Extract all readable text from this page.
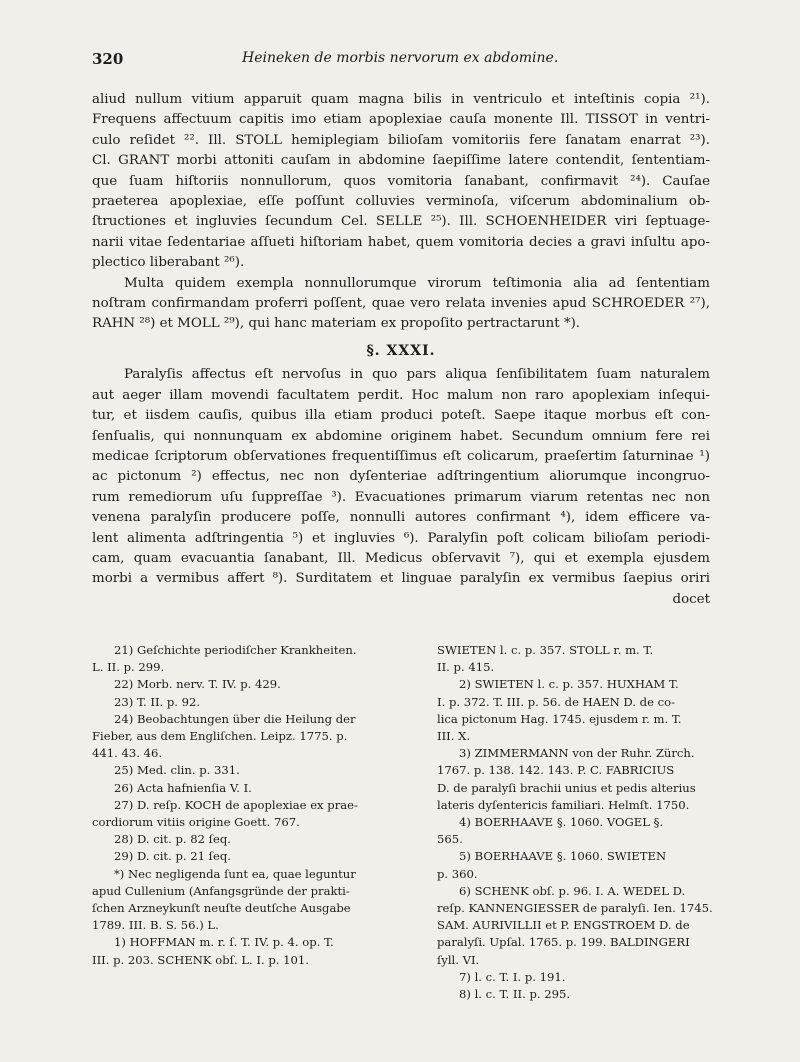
320	Heineken de morbis nervorum ex abdomine.
aliud nullum vitium apparuit quam magna bilis in ventriculo et inteſtinis copia ²¹).
Frequens affectuum capitis imo etiam apoplexiae cauſa monente Ill. TISSOT in ventri-
culo reſidet ²². Ill. STOLL hemiplegiam bilioſam vomitoriis fere ſanatam enarrat ²³).
Cl. GRANT morbi attoniti cauſam in abdomine ſaepiſſime latere contendit, ſententiam-
que ſuam hiſtoriis nonnullorum, quos vomitoria ſanabant, confirmavit ²⁴). Cauſae
praeterea apoplexiae, eſſe poſſunt colluvies verminoſa, viſcerum abdominalium ob-
ſtructiones et ingluvies ſecundum Cel. SELLE ²⁵). Ill. SCHOENHEIDER viri ſeptuage-
narii vitae ſedentariae aſſueti hiſtoriam habet, quem vomitoria decies a gravi inſultu apo-
plectico liberabant ²⁶).
Multa quidem exempla nonnullorumque virorum teſtimonia alia ad ſententiam
noſtram confirmandam proferri poſſent, quae vero relata invenies apud SCHROEDER ²⁷),
RAHN ²⁸) et MOLL ²⁹), qui hanc materiam ex propoſito pertractarunt *).
§. XXXI.
Paralyſis affectus eſt nervoſus in quo pars aliqua ſenſibilitatem ſuam naturalem
aut aeger illam movendi facultatem perdit. Hoc malum non raro apoplexiam inſequi-
tur, et iisdem cauſis, quibus illa etiam produci poteſt. Saepe itaque morbus eſt con-
ſenſualis, qui nonnunquam ex abdomine originem habet. Secundum omnium fere rei
medicae ſcriptorum obſervationes frequentiſſimus eſt colicarum, praeſertim ſaturninae ¹)
ac pictonum ²) effectus, nec non dyſenteriae adſtringentium aliorumque incongruo-
rum remediorum uſu ſuppreſſae ³). Evacuationes primarum viarum retentas nec non
venena paralyſin producere poſſe, nonnulli autores confirmant ⁴), idem efficere va-
lent alimenta adſtringentia ⁵) et ingluvies ⁶). Paralyſin poſt colicam bilioſam periodi-
cam, quam evacuantia ſanabant, Ill. Medicus obſervavit ⁷), qui et exempla ejusdem
morbi a vermibus affert ⁸). Surditatem et linguae paralyſin ex vermibus ſaepius oriri
docet
21) Geſchichte periodiſcher Krankheiten.
L. II. p. 299.
22) Morb. nerv. T. IV. p. 429.
23) T. II. p. 92.
24) Beobachtungen über die Heilung der
Fieber, aus dem Engliſchen. Leipz. 1775. p.
441. 43. 46.
25) Med. clin. p. 331.
26) Acta hafnienſia V. I.
27) D. reſp. KOCH de apoplexiae ex prae-
cordiorum vitiis origine Goett. 767.
28) D. cit. p. 82 ſeq.
29) D. cit. p. 21 ſeq.
*) Nec negligenda ſunt ea, quae leguntur
apud Cullenium (Anfangsgründe der prakti-
ſchen Arzneykunſt neuſte deutſche Ausgabe
1789. III. B. S. 56.) L.
1) HOFFMAN m. r. ſ. T. IV. p. 4. op. T.
III. p. 203. SCHENK obſ. L. I. p. 101.
SWIETEN l. c. p. 357. STOLL r. m. T.
II. p. 415.
2) SWIETEN l. c. p. 357. HUXHAM T.
I. p. 372. T. III. p. 56. de HAEN D. de co-
lica pictonum Hag. 1745. ejusdem r. m. T.
III. X.
3) ZIMMERMANN von der Ruhr. Zürch.
1767. p. 138. 142. 143. P. C. FABRICIUS
D. de paralyſi brachii unius et pedis alterius
lateris dyſentericis familiari. Helmſt. 1750.
4) BOERHAAVE §. 1060. VOGEL §.
565.
5) BOERHAAVE §. 1060. SWIETEN
p. 360.
6) SCHENK obſ. p. 96. I. A. WEDEL D.
reſp. KANNENGIESSER de paralyſi. Ien. 1745.
SAM. AURIVILLII et P. ENGSTROEM D. de
paralyſi. Upſal. 1765. p. 199. BALDINGERI
ſyll. VI.
7) l. c. T. I. p. 191.
8) l. c. T. II. p. 295.
